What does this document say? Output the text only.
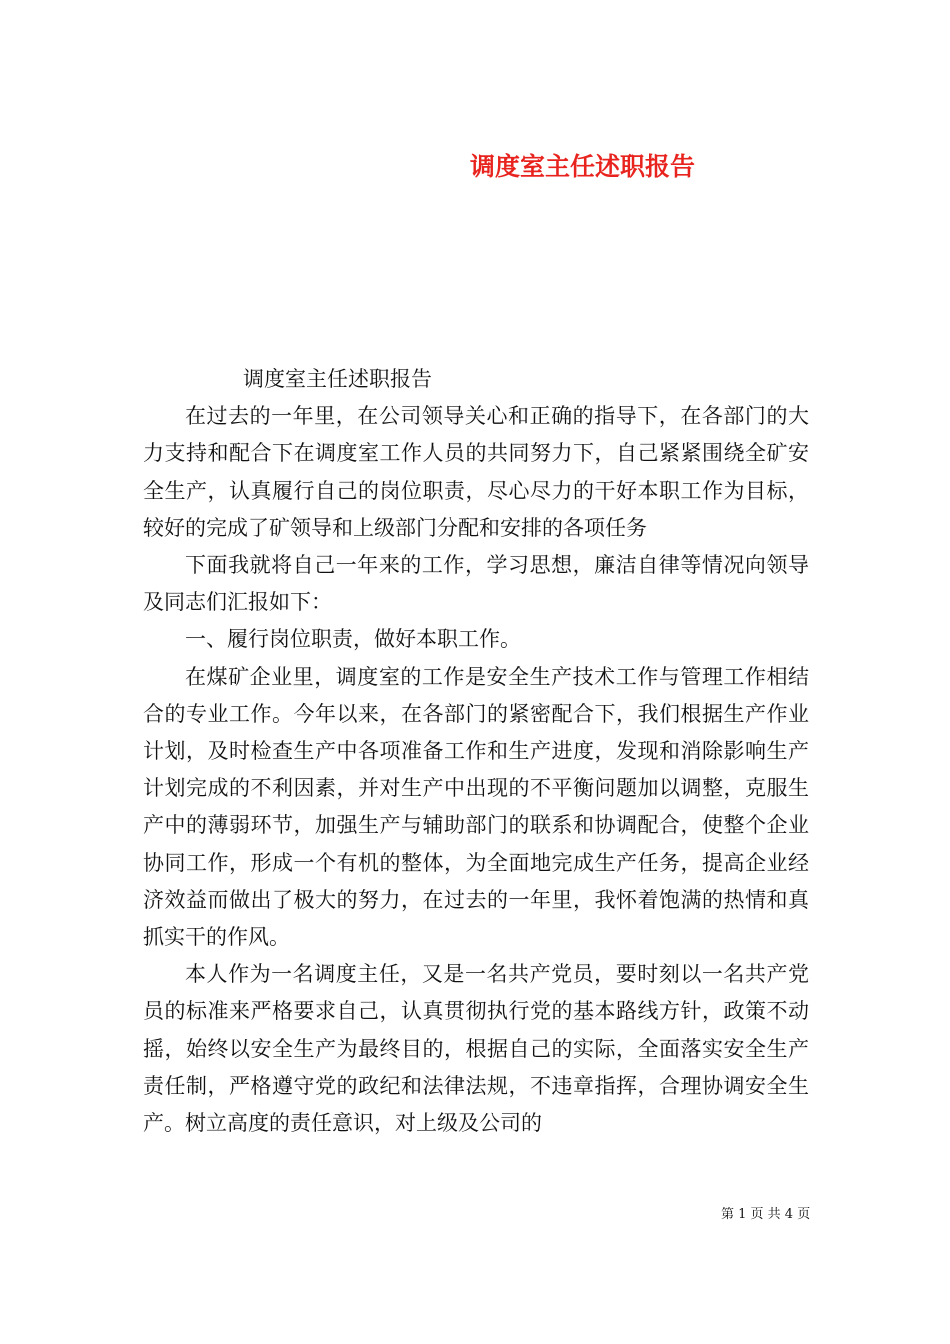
调度室主任述职报告

调度室主任述职报告

在过去的一年里，在公司领导关心和正确的指导下，在各部门的大力支持和配合下在调度室工作人员的共同努力下，自己紧紧围绕全矿安全生产，认真履行自己的岗位职责，尽心尽力的干好本职工作为目标，较好的完成了矿领导和上级部门分配和安排的各项任务

下面我就将自己一年来的工作，学习思想，廉洁自律等情况向领导及同志们汇报如下：

一、履行岗位职责，做好本职工作。

在煤矿企业里，调度室的工作是安全生产技术工作与管理工作相结合的专业工作。今年以来，在各部门的紧密配合下，我们根据生产作业计划，及时检查生产中各项准备工作和生产进度，发现和消除影响生产计划完成的不利因素，并对生产中出现的不平衡问题加以调整，克服生产中的薄弱环节，加强生产与辅助部门的联系和协调配合，使整个企业协同工作，形成一个有机的整体，为全面地完成生产任务，提高企业经济效益而做出了极大的努力，在过去的一年里，我怀着饱满的热情和真抓实干的作风。

本人作为一名调度主任，又是一名共产党员，要时刻以一名共产党员的标准来严格要求自己，认真贯彻执行党的基本路线方针，政策不动摇，始终以安全生产为最终目的，根据自己的实际，全面落实安全生产责任制，严格遵守党的政纪和法律法规，不违章指挥，合理协调安全生产。树立高度的责任意识，对上级及公司的

第 1 页 共 4 页
